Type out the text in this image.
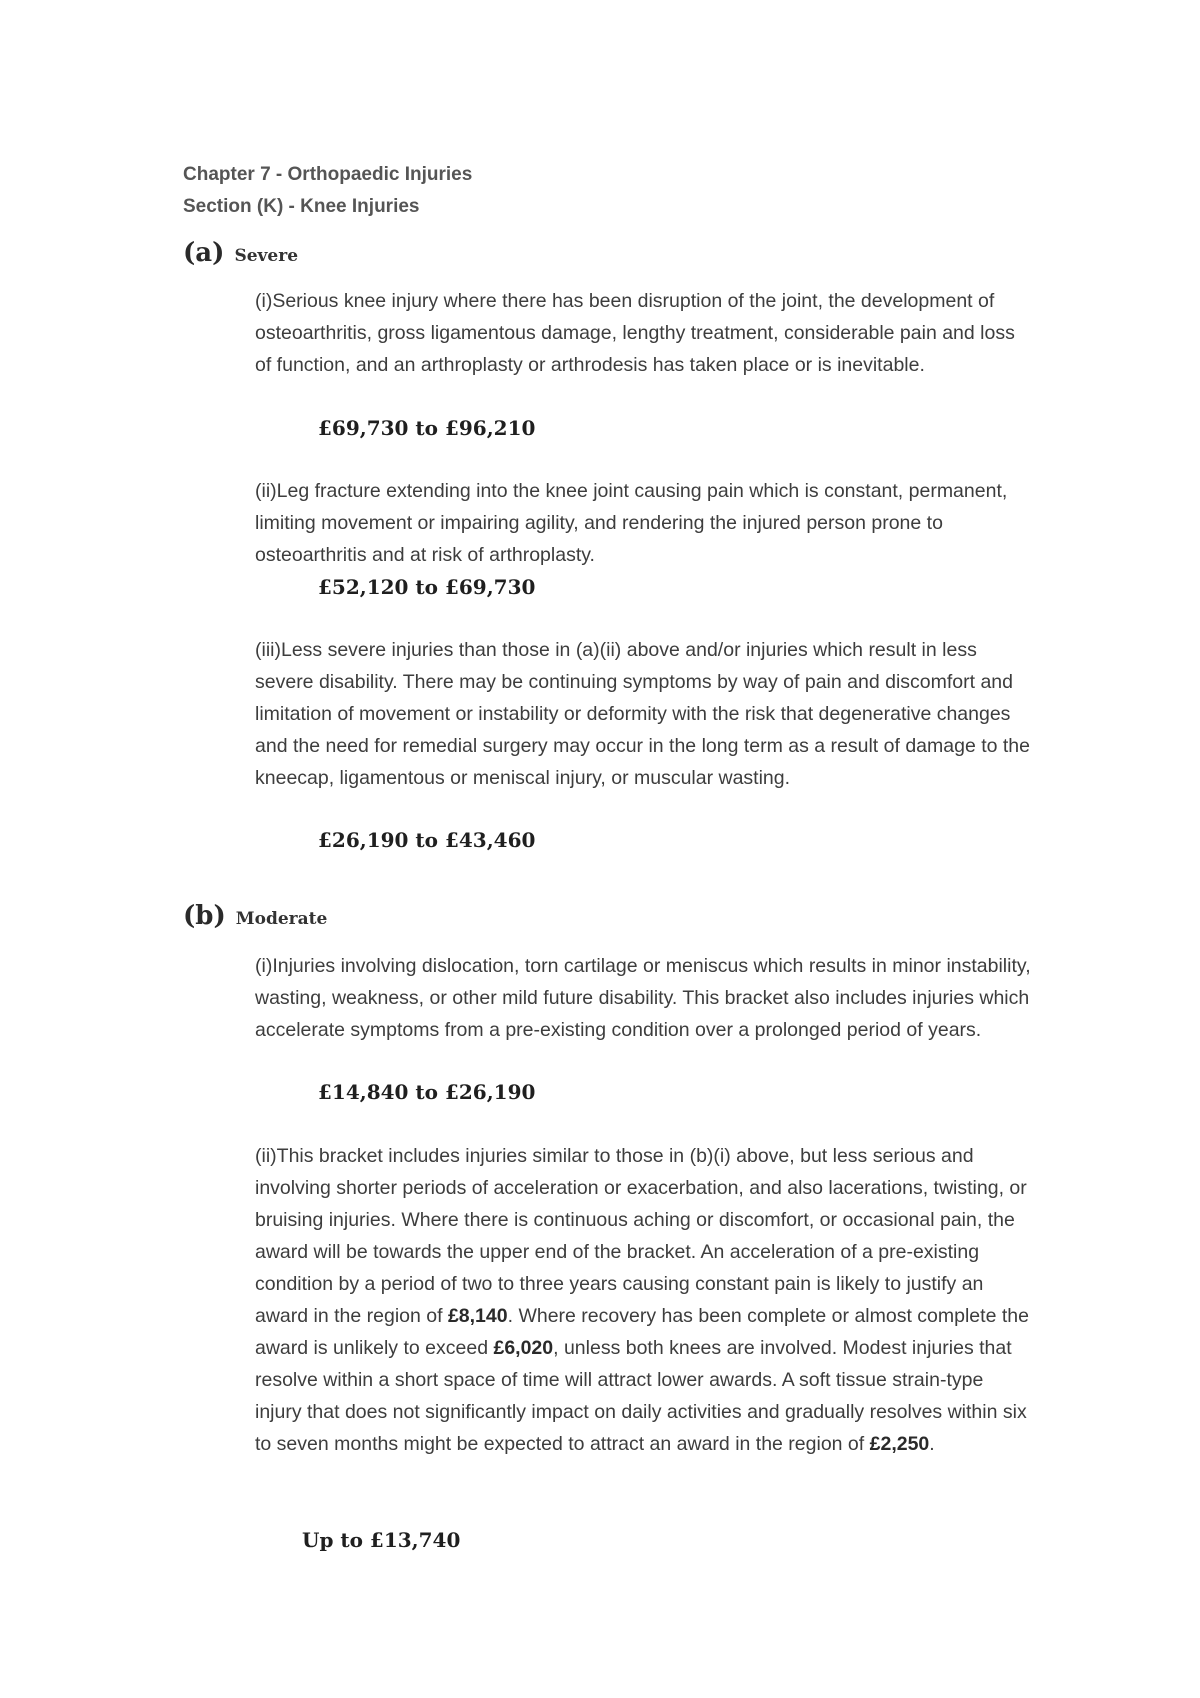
Chapter 7 - Orthopaedic Injuries
Section (K) - Knee Injuries
(a) Severe

(i)Serious knee injury where there has been disruption of the joint, the development of osteoarthritis, gross ligamentous damage, lengthy treatment, considerable pain and loss of function, and an arthroplasty or arthrodesis has taken place or is inevitable.

£69,730 to £96,210

(ii)Leg fracture extending into the knee joint causing pain which is constant, permanent, limiting movement or impairing agility, and rendering the injured person prone to osteoarthritis and at risk of arthroplasty.

£52,120 to £69,730

(iii)Less severe injuries than those in (a)(ii) above and/or injuries which result in less severe disability. There may be continuing symptoms by way of pain and discomfort and limitation of movement or instability or deformity with the risk that degenerative changes and the need for remedial surgery may occur in the long term as a result of damage to the kneecap, ligamentous or meniscal injury, or muscular wasting.

£26,190 to £43,460

(b) Moderate

(i)Injuries involving dislocation, torn cartilage or meniscus which results in minor instability, wasting, weakness, or other mild future disability. This bracket also includes injuries which accelerate symptoms from a pre-existing condition over a prolonged period of years.

£14,840 to £26,190

(ii)This bracket includes injuries similar to those in (b)(i) above, but less serious and involving shorter periods of acceleration or exacerbation, and also lacerations, twisting, or bruising injuries. Where there is continuous aching or discomfort, or occasional pain, the award will be towards the upper end of the bracket. An acceleration of a pre-existing condition by a period of two to three years causing constant pain is likely to justify an award in the region of £8,140. Where recovery has been complete or almost complete the award is unlikely to exceed £6,020, unless both knees are involved. Modest injuries that resolve within a short space of time will attract lower awards. A soft tissue strain-type injury that does not significantly impact on daily activities and gradually resolves within six to seven months might be expected to attract an award in the region of £2,250.

Up to £13,740
